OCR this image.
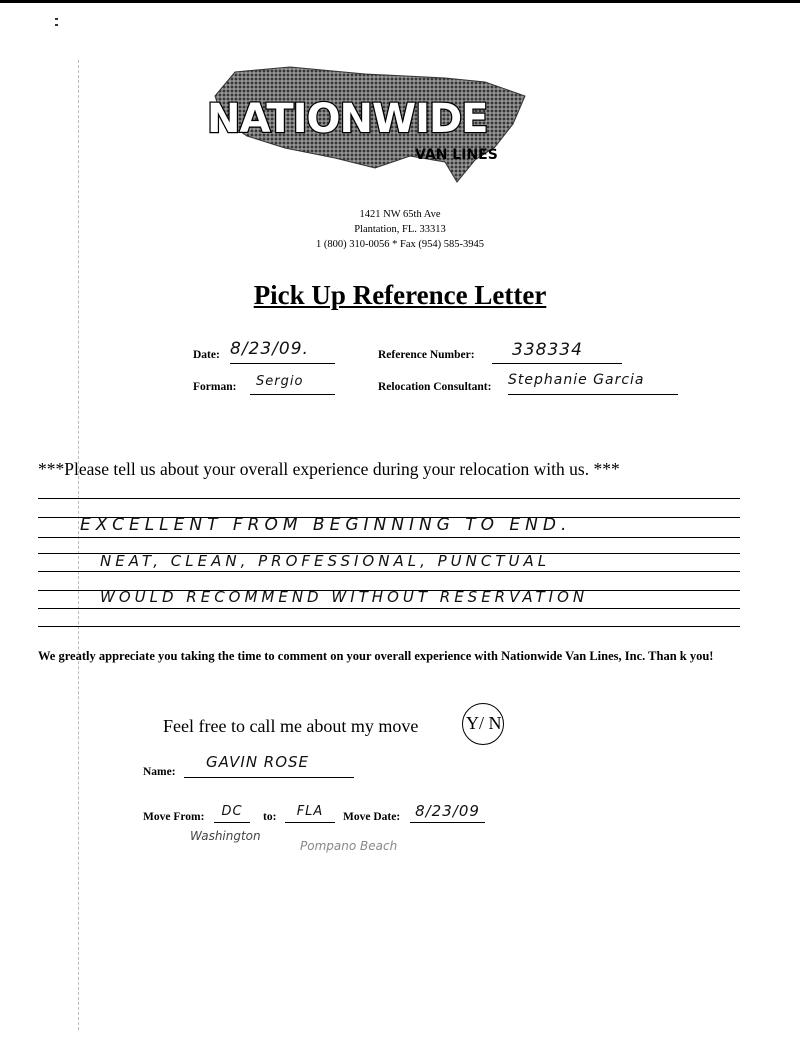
NATIONWIDE
VAN LINES
1421 NW 65th Ave
Plantation, FL. 33313
1 (800) 310-0056 * Fax (954) 585-3945
Pick Up Reference Letter
Date: 8/23/09.	Reference Number:	338334
Forman:	Sergio	Relocation Consultant: Stephanie Garcia
***Please tell us about your overall experience during your relocation with us. ***
EXCELLENT FROM BEGINNING TO END.
NEAT, CLEAN, PROFESSIONAL, PUNCTUAL
WOULD RECOMMEND WITHOUT RESERVATION
We greatly appreciate you taking the time to comment on your overall experience with Nationwide Van Lines, Inc. Than k you!
Feel free to call me about my move	Y/ N
Name:
GAVIN ROSE
Move From:	DC	to:	FLA	Move Date: 8/23/09
Washington
Pompano Beach
